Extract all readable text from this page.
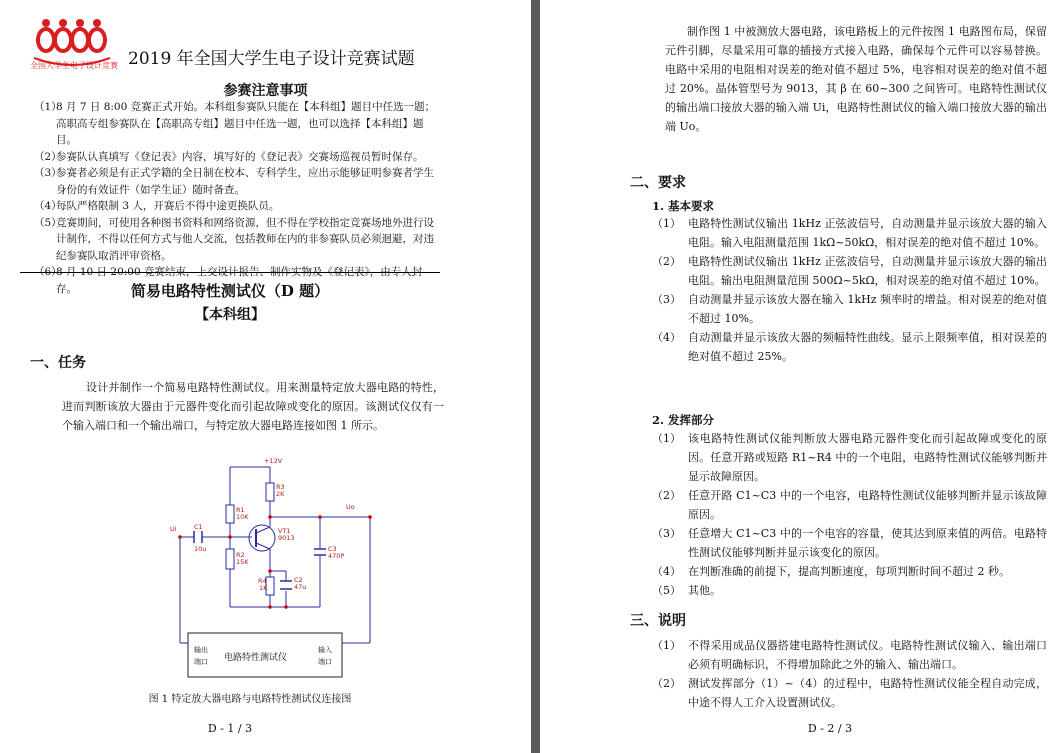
全国大学生电子设计竞赛 2019 年全国大学生电子设计竞赛试题
参赛注意事项
（1）
8 月 7 日 8:00 竞赛正式开始。本科组参赛队只能在【本科组】题目中任选一题；高职高专组参赛队在【高职高专组】题目中任选一题，也可以选择【本科组】题目。
（2）
参赛队认真填写《登记表》内容，填写好的《登记表》交赛场巡视员暂时保存。
（3）
参赛者必须是有正式学籍的全日制在校本、专科学生，应出示能够证明参赛者学生身份的有效证件（如学生证）随时备查。
（4）
每队严格限制 3 人，开赛后不得中途更换队员。
（5）
竞赛期间，可使用各种图书资料和网络资源，但不得在学校指定竞赛场地外进行设计制作，不得以任何方式与他人交流，包括教师在内的非参赛队员必须迴避，对违纪参赛队取消评审资格。
（6）
8 月 10 日 20:00 竞赛结束，上交设计报告、制作实物及《登记表》，由专人封存。	简易电路特性测试仪（D 题）
【本科组】
一、任务
设计并制作一个简易电路特性测试仪。用来测量特定放大器电路的特性，进而判断该放大器由于元器件变化而引起故障或变化的原因。该测试仪仅有一个输入端口和一个输出端口，与特定放大器电路连接如图 1 所示。
+12V
R1
10K
R2
15K
R3
2K
R4
1K
C1
10u
C2
47u
C3
470P
VT1
9013
Ui
Uo
输出
端口
输入
端口
电路特性测试仪
图 1 特定放大器电路与电路特性测试仪连接图
D - 1 / 3
制作图 1 中被测放大器电路，该电路板上的元件按图 1 电路图布局，保留元件引脚，尽量采用可靠的插接方式接入电路，确保每个元件可以容易替换。电路中采用的电阻相对误差的绝对值不超过 5%，电容相对误差的绝对值不超过 20%。晶体管型号为 9013，其 β 在 60~300 之间皆可。电路特性测试仪的输出端口接放大器的输入端 Ui，电路特性测试仪的输入端口接放大器的输出端 Uo。
二、要求
1. 基本要求
（1） 电路特性测试仪输出 1kHz 正弦波信号，自动测量并显示该放大器的输入电阻。输入电阻测量范围 1kΩ~50kΩ，相对误差的绝对值不超过 10%。
（2） 电路特性测试仪输出 1kHz 正弦波信号，自动测量并显示该放大器的输出电阻。输出电阻测量范围 500Ω~5kΩ，相对误差的绝对值不超过 10%。
（3） 自动测量并显示该放大器在输入 1kHz 频率时的增益。相对误差的绝对值不超过 10%。
（4） 自动测量并显示该放大器的频幅特性曲线。显示上限频率值，相对误差的绝对值不超过 25%。
2. 发挥部分
（1） 该电路特性测试仪能判断放大器电路元器件变化而引起故障或变化的原因。任意开路或短路 R1~R4 中的一个电阻，电路特性测试仪能够判断并显示故障原因。
（2） 任意开路 C1~C3 中的一个电容，电路特性测试仪能够判断并显示该故障原因。
（3） 任意增大 C1~C3 中的一个电容的容量，使其达到原来值的两倍。电路特性测试仪能够判断并显示该变化的原因。
（4） 在判断准确的前提下，提高判断速度，每项判断时间不超过 2 秒。
（5） 其他。
三、说明
（1） 不得采用成品仪器搭建电路特性测试仪。电路特性测试仪输入、输出端口必须有明确标识，不得增加除此之外的输入、输出端口。
（2） 测试发挥部分（1）~（4）的过程中，电路特性测试仪能全程自动完成，中途不得人工介入设置测试仪。
D - 2 / 3
